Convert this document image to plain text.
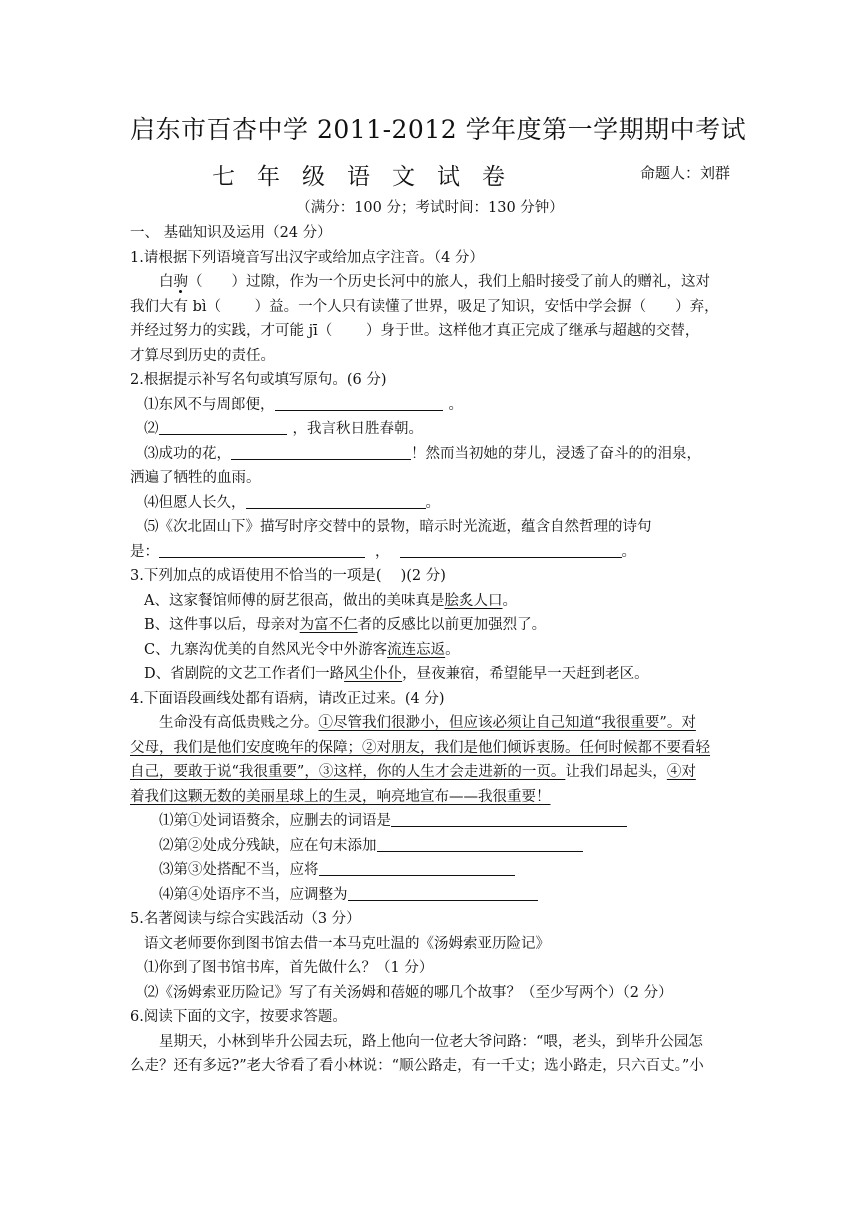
启东市百杏中学 2011-2012 学年度第一学期期中考试
七年级语文试卷	命题人：刘群
（满分：100 分；考试时间：130 分钟）
一、 基础知识及运用（24 分）
1.请根据下列语境音写出汉字或给加点字注音。（4 分）
白驹（　　）过隙，作为一个历史长河中的旅人，我们上船时接受了前人的赠礼，这对
我们大有 bì（　　 ）益。一个人只有读懂了世界，吸足了知识，安恬中学会摒（　　）弃，
并经过努力的实践，才可能 jī（　　 ）身于世。这样他才真正完成了继承与超越的交替，
才算尽到历史的责任。
2.根据提示补写名句或填写原句。(6 分)
⑴东风不与周郎便，	。
⑵	，我言秋日胜春朝。
⑶成功的花，	！然而当初她的芽儿，浸透了奋斗的的泪泉，
洒遍了牺牲的血雨。
⑷但愿人长久，	。
⑸《次北固山下》描写时序交替中的景物，暗示时光流逝，蕴含自然哲理的诗句
是：	，	。
3.下列加点的成语使用不恰当的一项是(　 )(2 分)
A、这家餐馆师傅的厨艺很高，做出的美味真是脍炙人口。
B、这件事以后，母亲对为富不仁者的反感比以前更加强烈了。
C、九寨沟优美的自然风光令中外游客流连忘返。
D、省剧院的文艺工作者们一路风尘仆仆，昼夜兼宿，希望能早一天赶到老区。
4.下面语段画线处都有语病，请改正过来。(4 分)
生命没有高低贵贱之分。①尽管我们很渺小，但应该必须让自己知道“我很重要”。对
父母，我们是他们安度晚年的保障；②对朋友，我们是他们倾诉衷肠。任何时候都不要看轻
自己，要敢于说“我很重要”，③这样，你的人生才会走进新的一页。让我们昂起头，④对
着我们这颗无数的美丽星球上的生灵，响亮地宣布——我很重要！
⑴第①处词语赘余，应删去的词语是
⑵第②处成分残缺，应在句末添加
⑶第③处搭配不当，应将
⑷第④处语序不当，应调整为
5.名著阅读与综合实践活动（3 分）
语文老师要你到图书馆去借一本马克吐温的《汤姆索亚历险记》
⑴你到了图书馆书库，首先做什么？（1 分）
⑵《汤姆索亚历险记》写了有关汤姆和蓓姬的哪几个故事？（至少写两个）（2 分）
6.阅读下面的文字，按要求答题。
星期天，小林到毕升公园去玩，路上他向一位老大爷问路：“喂，老头，到毕升公园怎
么走？还有多远?”老大爷看了看小林说：“顺公路走，有一千丈；选小路走，只六百丈。”小
